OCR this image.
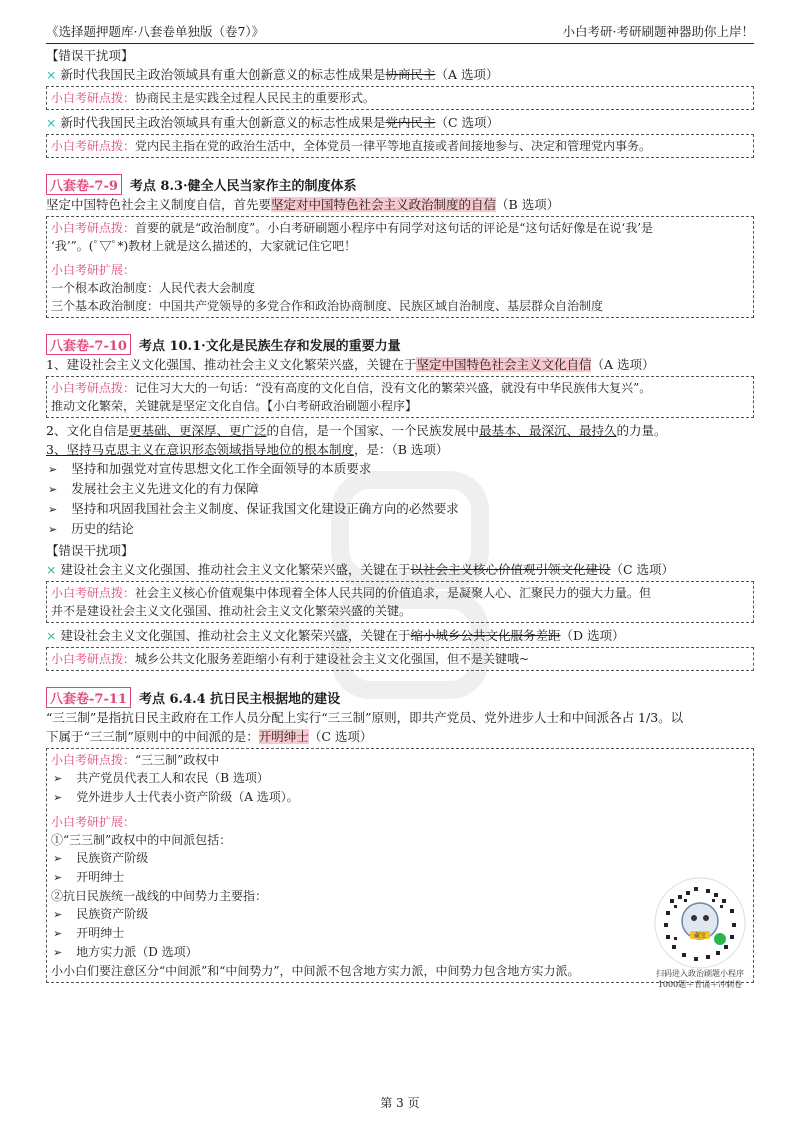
《选择题押题库·八套卷单独版（卷7）》	小白考研·考研刷题神器助你上岸！
【错误干扰项】
× 新时代我国民主政治领域具有重大创新意义的标志性成果是协商民主（A 选项）
小白考研点拨：协商民主是实践全过程人民民主的重要形式。
× 新时代我国民主政治领域具有重大创新意义的标志性成果是党内民主（C 选项）
小白考研点拨：党内民主指在党的政治生活中，全体党员一律平等地直接或者间接地参与、决定和管理党内事务。
八套卷-7-9 考点 8.3·健全人民当家作主的制度体系
坚定中国特色社会主义制度自信，首先要坚定对中国特色社会主义政治制度的自信（B 选项）
小白考研点拨：首要的就是“政治制度”。小白考研刷题小程序中有同学对这句话的评论是“这句话好像是在说‘我’是
‘我’”。(ﾟ▽ﾟ*)教材上就是这么描述的，大家就记住它吧！
小白考研扩展：
一个根本政治制度：人民代表大会制度
三个基本政治制度：中国共产党领导的多党合作和政治协商制度、民族区域自治制度、基层群众自治制度
八套卷-7-10 考点 10.1·文化是民族生存和发展的重要力量
1、建设社会主义文化强国、推动社会主义文化繁荣兴盛，关键在于坚定中国特色社会主义文化自信（A 选项）
小白考研点拨：记住习大大的一句话：“没有高度的文化自信，没有文化的繁荣兴盛，就没有中华民族伟大复兴”。
推动文化繁荣，关键就是坚定文化自信。【小白考研政治刷题小程序】
2、文化自信是更基础、更深厚、更广泛的自信，是一个国家、一个民族发展中最基本、最深沉、最持久的力量。
3、坚持马克思主义在意识形态领域指导地位的根本制度，是：（B 选项）
➢ 坚持和加强党对宣传思想文化工作全面领导的本质要求
➢ 发展社会主义先进文化的有力保障
➢ 坚持和巩固我国社会主义制度、保证我国文化建设正确方向的必然要求
➢ 历史的结论
【错误干扰项】
× 建设社会主义文化强国、推动社会主义文化繁荣兴盛，关键在于以社会主义核心价值观引领文化建设（C 选项）
小白考研点拨：社会主义核心价值观集中体现着全体人民共同的价值追求，是凝聚人心、汇聚民力的强大力量。但
并不是建设社会主义文化强国、推动社会主义文化繁荣兴盛的关键。
× 建设社会主义文化强国、推动社会主义文化繁荣兴盛，关键在于缩小城乡公共文化服务差距（D 选项）
小白考研点拨：城乡公共文化服务差距缩小有利于建设社会主义文化强国，但不是关键哦~
八套卷-7-11 考点 6.4.4 抗日民主根据地的建设
“三三制”是指抗日民主政府在工作人员分配上实行“三三制”原则，即共产党员、党外进步人士和中间派各占 1/3。以
下属于“三三制”原则中的中间派的是：开明绅士（C 选项）
小白考研点拨：“三三制”政权中
➢ 共产党员代表工人和农民（B 选项）
➢ 党外进步人士代表小资产阶级（A 选项）。
小白考研扩展：
①“三三制”政权中的中间派包括：
➢ 民族资产阶级
➢ 开明绅士
②抗日民族统一战线的中间势力主要指：
➢ 民族资产阶级
➢ 开明绅士
➢ 地方实力派（D 选项）
小小白们要注意区分“中间派”和“中间势力”，中间派不包含地方实力派，中间势力包含地方实力派。
藏宝
扫码进入政治刷题小程序
1000题＋背诵＋冲刺卷
第 3 页
